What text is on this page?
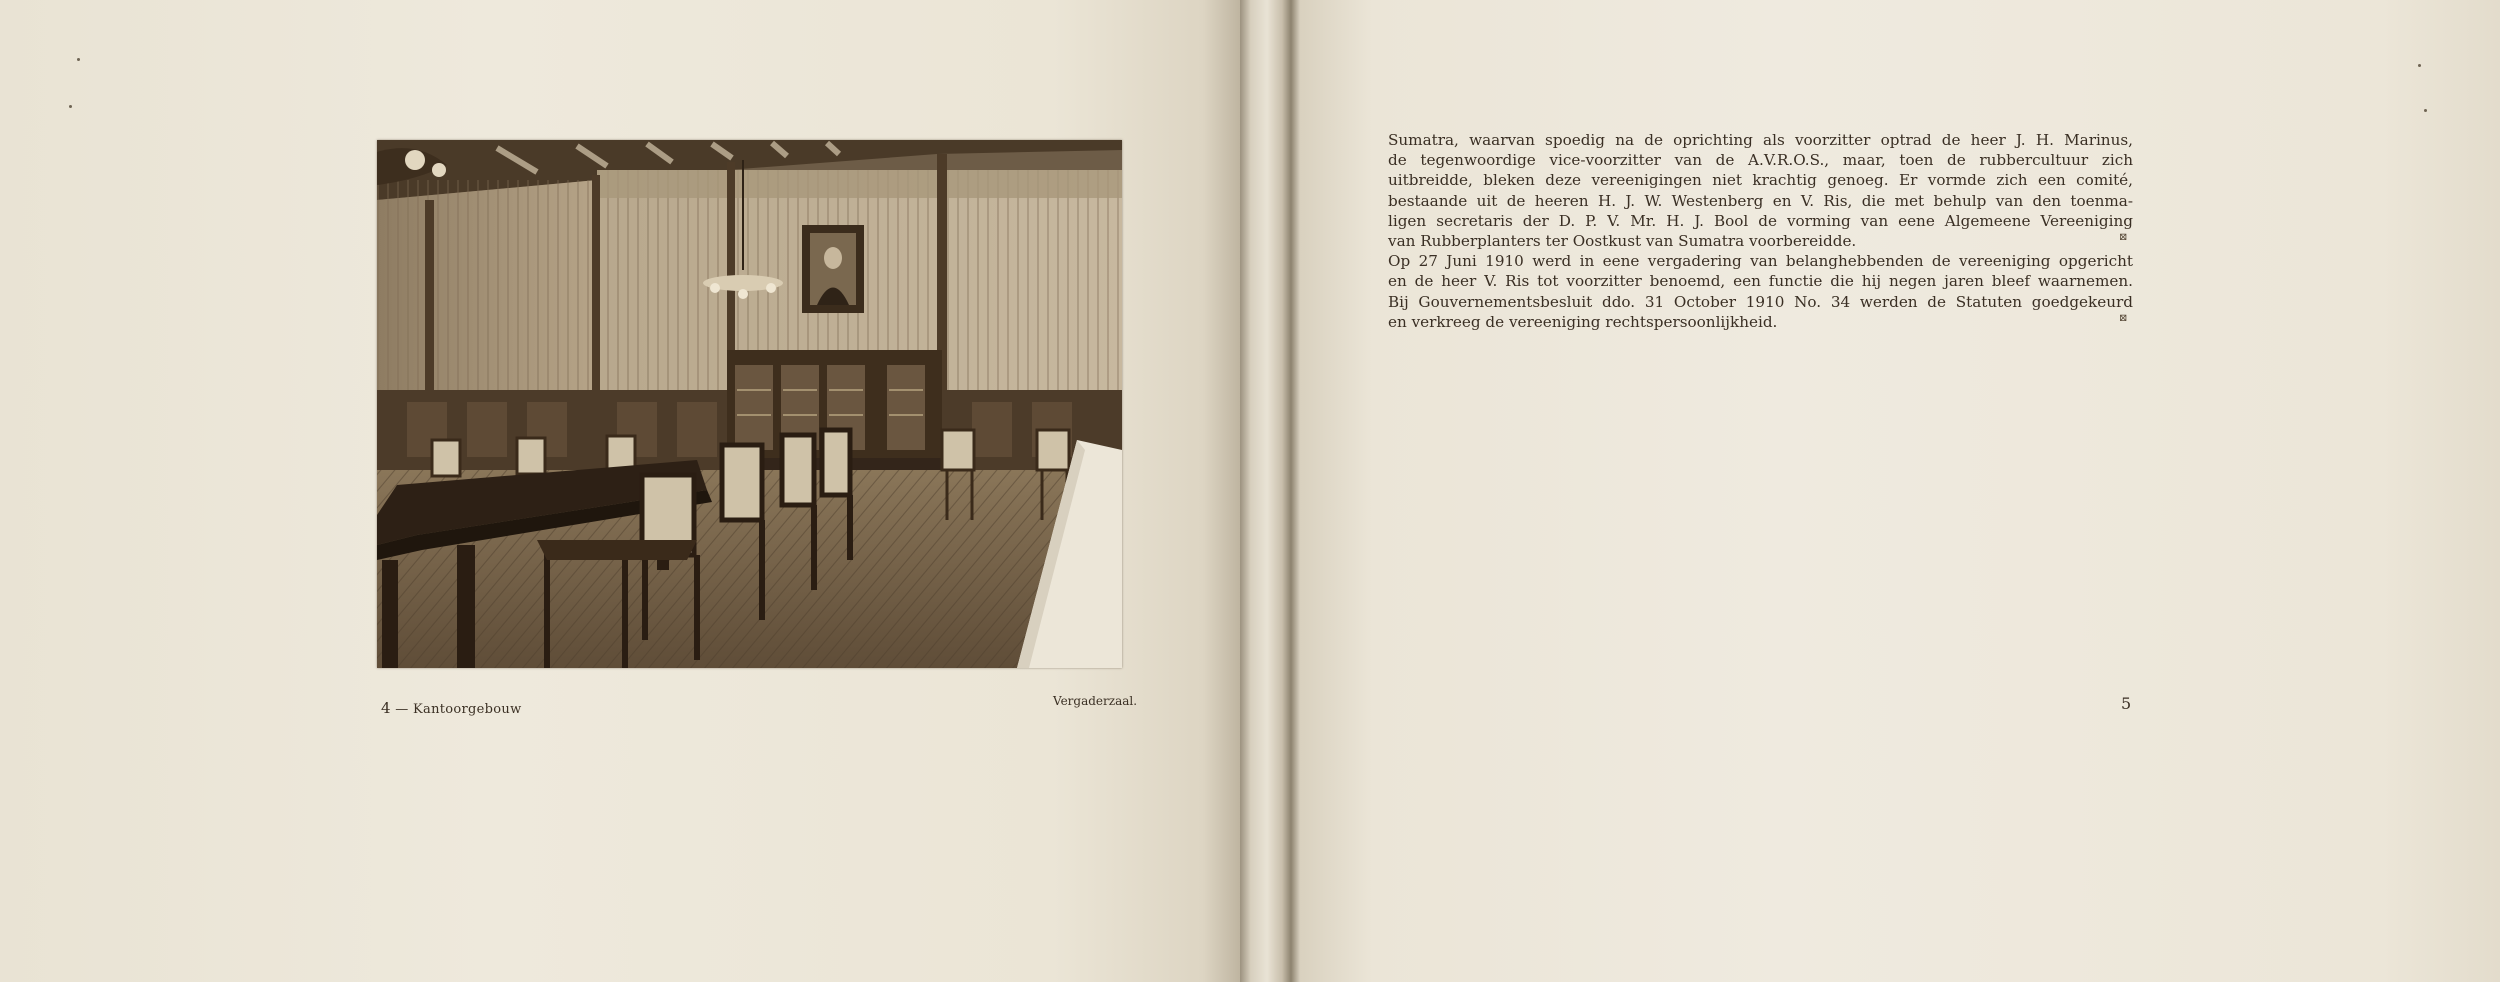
4 — Kantoorgebouw
Vergaderzaal.

Sumatra, waarvan spoedig na de oprichting als voorzitter optrad de heer J. H. Marinus,

de tegenwoordige vice-voorzitter van de A.V.R.O.S., maar, toen de rubbercultuur zich

uitbreidde, bleken deze vereenigingen niet krachtig genoeg. Er vormde zich een comité,

bestaande uit de heeren H. J. W. Westenberg en V. Ris, die met behulp van den toenma-

ligen secretaris der D. P. V. Mr. H. J. Bool de vorming van eene Algemeene Vereeniging

van Rubberplanters ter Oostkust van Sumatra voorbereidde.	⊠

Op 27 Juni 1910 werd in eene vergadering van belanghebbenden de vereeniging opgericht

en de heer V. Ris tot voorzitter benoemd, een functie die hij negen jaren bleef waarnemen.

Bij Gouvernementsbesluit ddo. 31 October 1910 No. 34 werden de Statuten goedgekeurd

en verkreeg de vereeniging rechtspersoonlijkheid.	⊠

5
